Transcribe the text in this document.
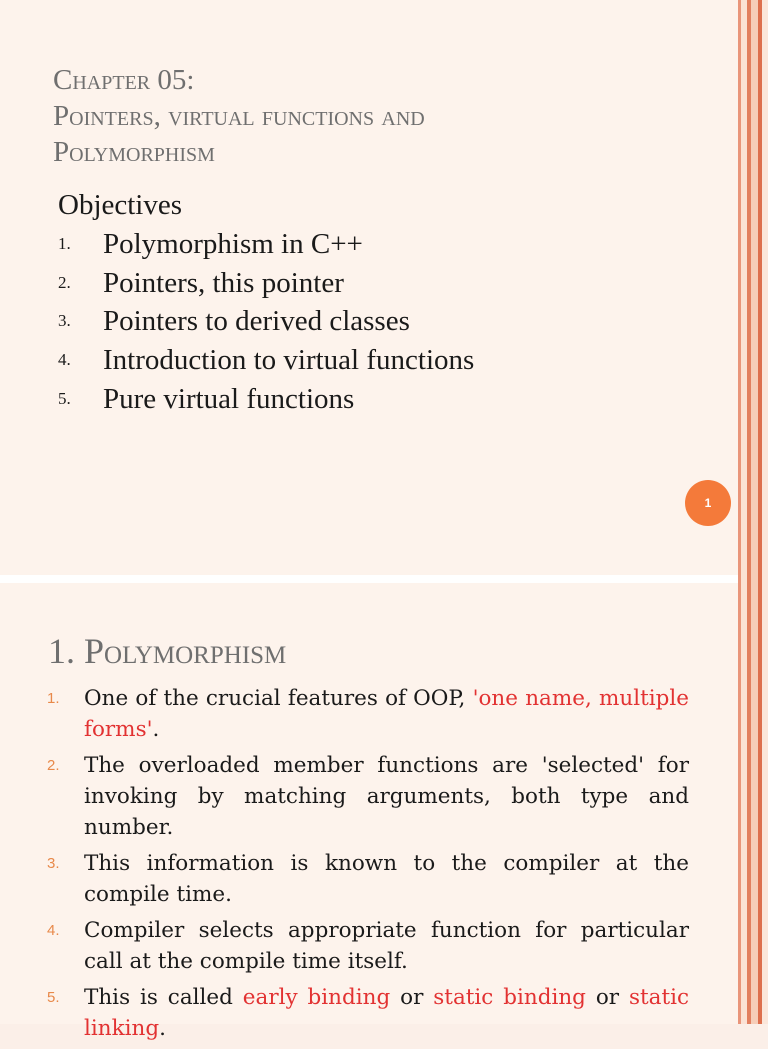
Chapter 05:
Pointers, virtual functions and
Polymorphism
Objectives
1. Polymorphism in C++
2. Pointers, this pointer
3. Pointers to derived classes
4. Introduction to virtual functions
5. Pure virtual functions
1
1. Polymorphism
1. One of the crucial features of OOP, 'one name, multiple forms'.
2. The overloaded member functions are 'selected' for invoking by matching arguments, both type and number.
3. This information is known to the compiler at the compile time.
4. Compiler selects appropriate function for particular call at the compile time itself.
5. This is called early binding or static binding or static linking.
